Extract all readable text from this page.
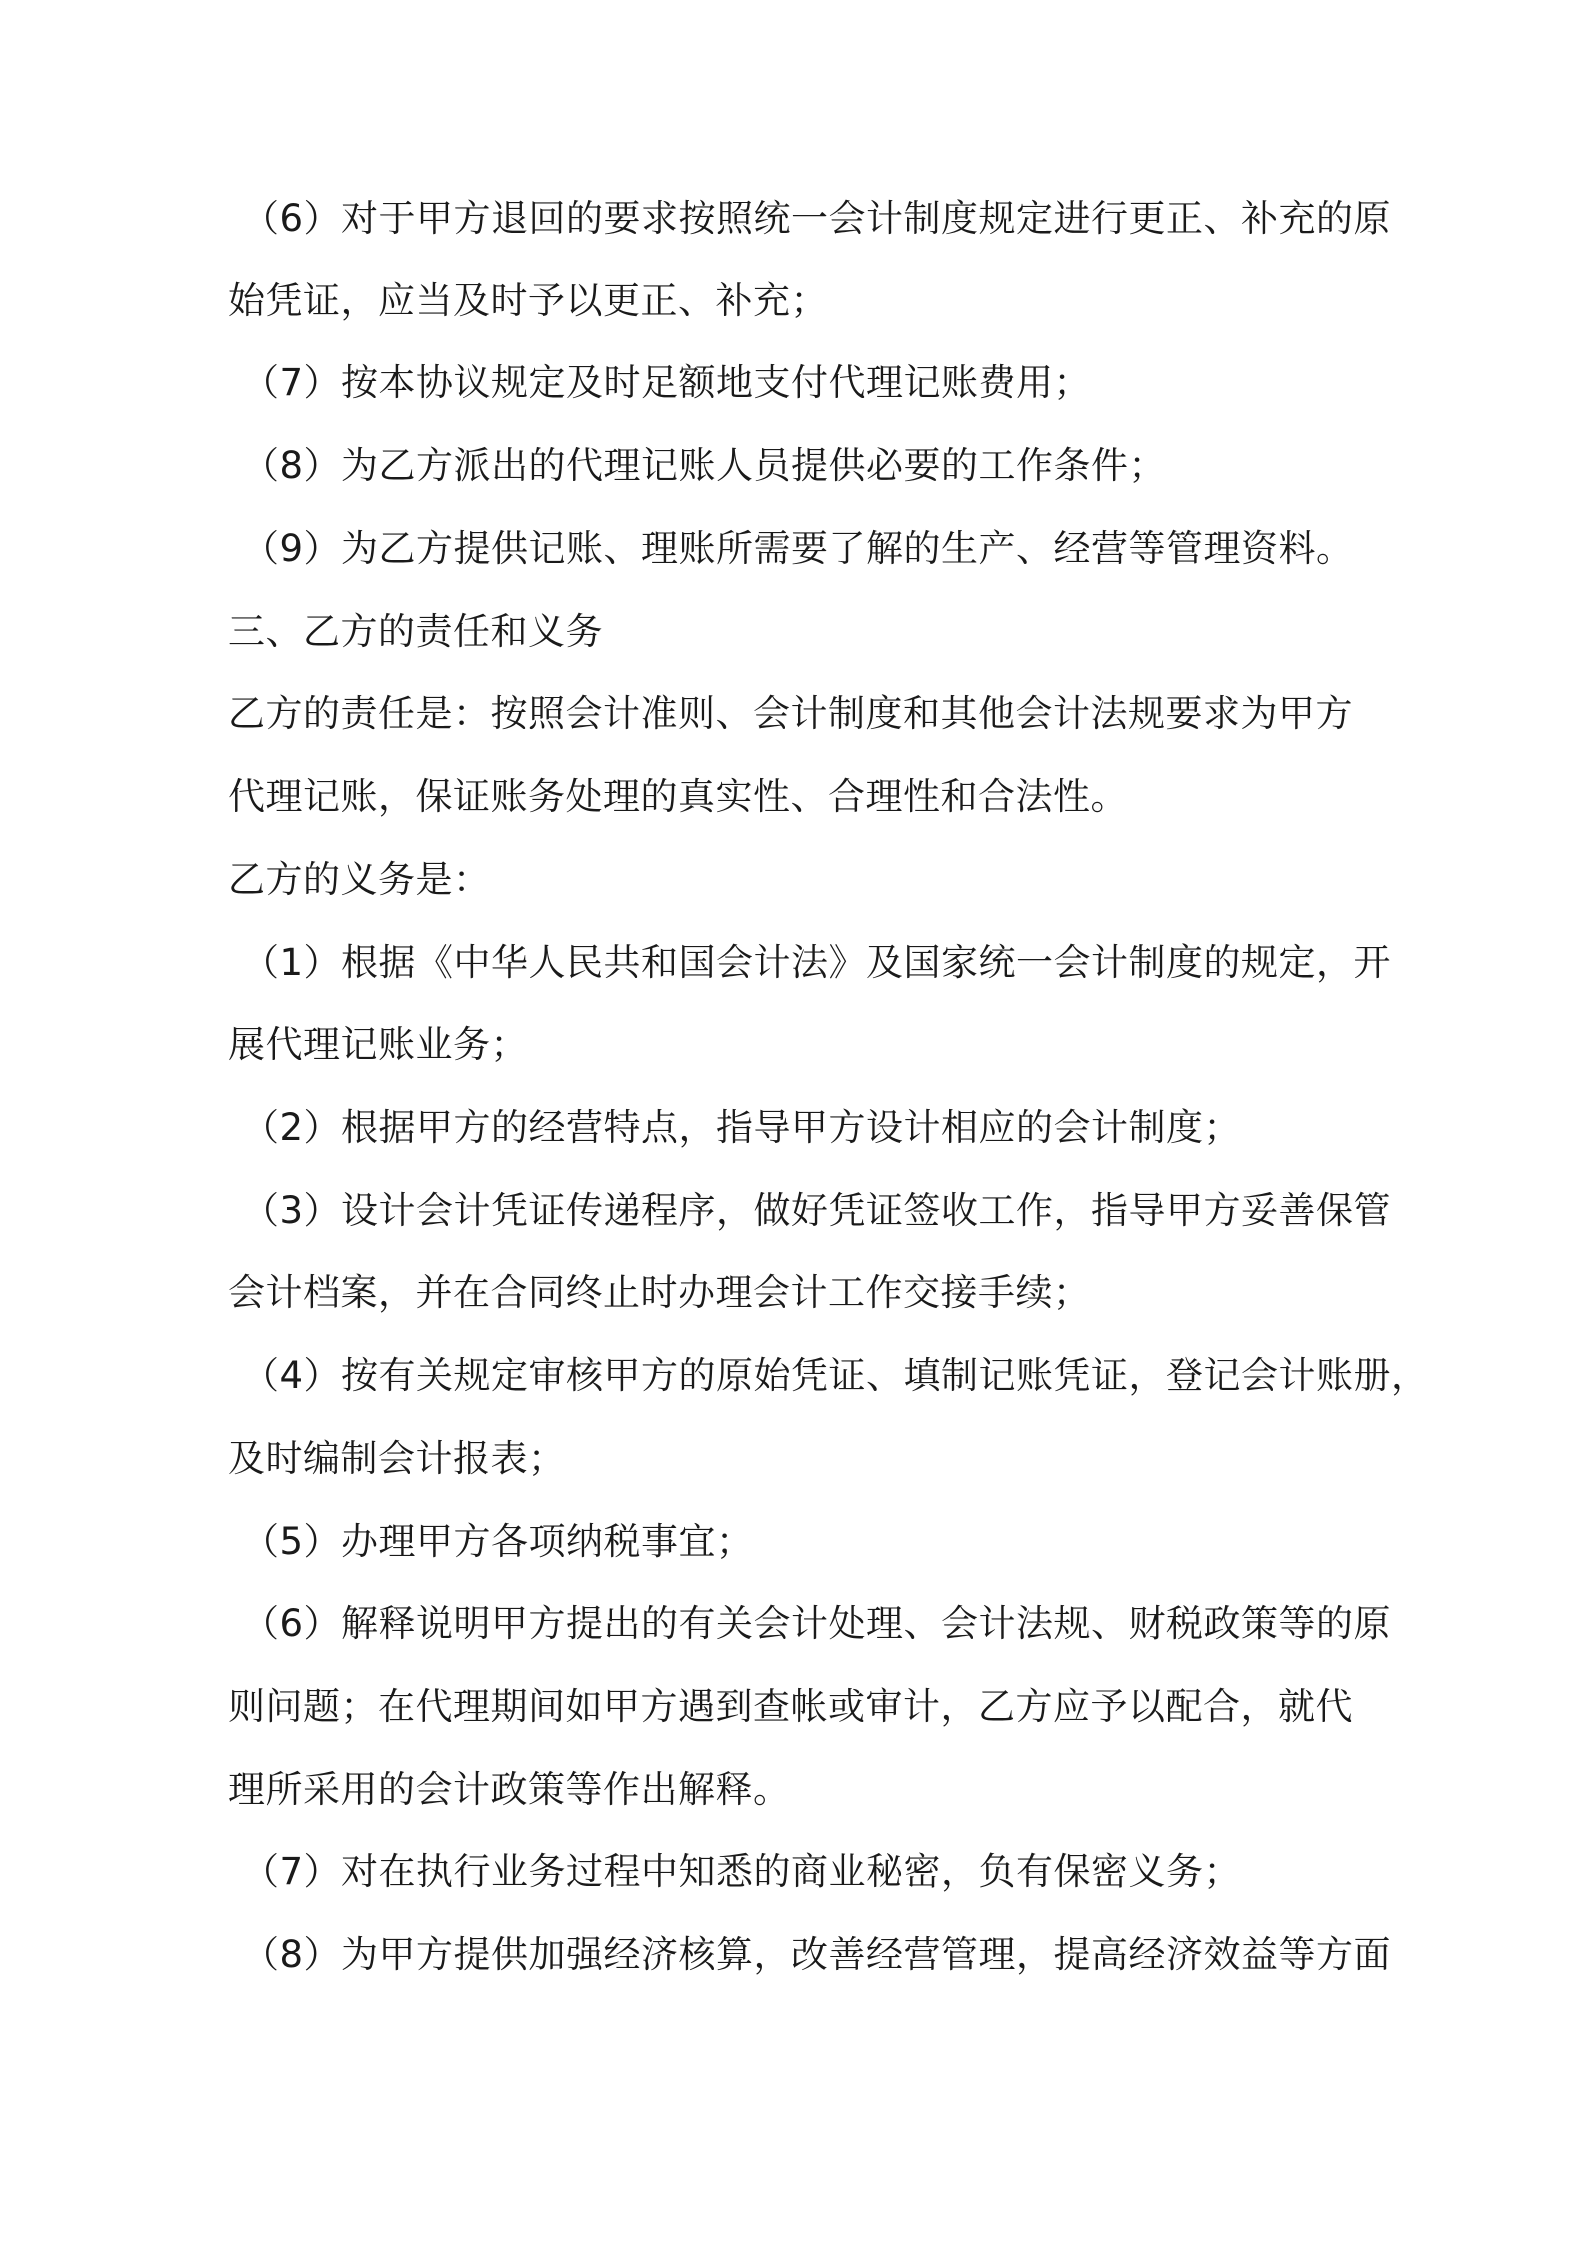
（6）对于甲方退回的要求按照统一会计制度规定进行更正、补充的原
始凭证，应当及时予以更正、补充；
（7）按本协议规定及时足额地支付代理记账费用；
（8）为乙方派出的代理记账人员提供必要的工作条件；
（9）为乙方提供记账、理账所需要了解的生产、经营等管理资料。
三、乙方的责任和义务
乙方的责任是：按照会计准则、会计制度和其他会计法规要求为甲方
代理记账，保证账务处理的真实性、合理性和合法性。
乙方的义务是：
（1）根据《中华人民共和国会计法》及国家统一会计制度的规定，开
展代理记账业务；
（2）根据甲方的经营特点，指导甲方设计相应的会计制度；
（3）设计会计凭证传递程序，做好凭证签收工作，指导甲方妥善保管
会计档案，并在合同终止时办理会计工作交接手续；
（4）按有关规定审核甲方的原始凭证、填制记账凭证，登记会计账册，
及时编制会计报表；
（5）办理甲方各项纳税事宜；
（6）解释说明甲方提出的有关会计处理、会计法规、财税政策等的原
则问题；在代理期间如甲方遇到查帐或审计，乙方应予以配合，就代
理所采用的会计政策等作出解释。
（7）对在执行业务过程中知悉的商业秘密，负有保密义务；
（8）为甲方提供加强经济核算，改善经营管理，提高经济效益等方面
